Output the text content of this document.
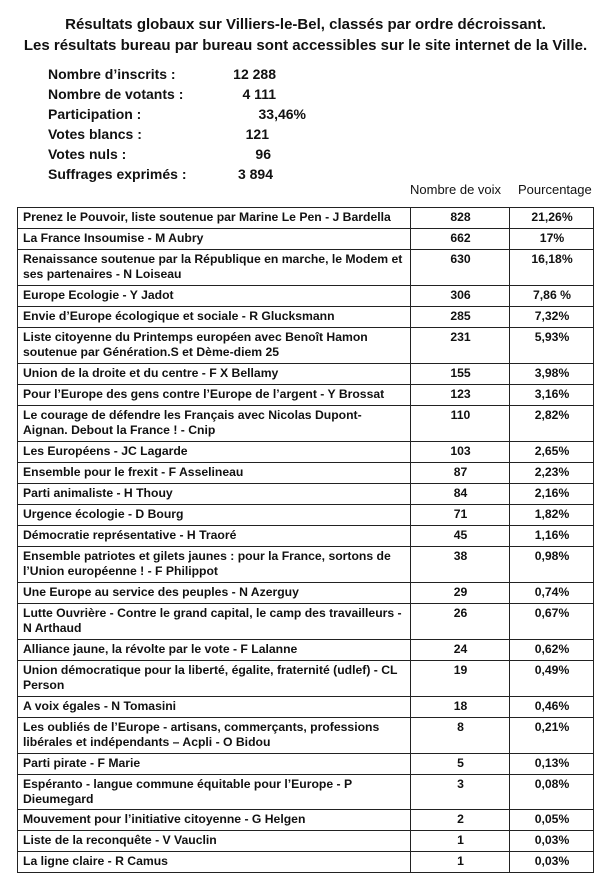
Résultats globaux sur Villiers-le-Bel, classés par ordre décroissant.
Les résultats bureau par bureau sont accessibles sur le site internet de la Ville.
Nombre d’inscrits :	12 288
Nombre de votants :	4 111
Participation :	33,46%
Votes blancs :	121
Votes nuls :	96
Suffrages exprimés :	3 894
Nombre de voix Pourcentage
Prenez le Pouvoir, liste soutenue par Marine Le Pen - J Bardella	828	21,26%
La France Insoumise - M Aubry	662	17%
Renaissance soutenue par la République en marche, le Modem et ses partenaires - N Loiseau	630	16,18%
Europe Ecologie - Y Jadot	306	7,86 %
Envie d’Europe écologique et sociale - R Glucksmann	285	7,32%
Liste citoyenne du Printemps européen avec Benoît Hamon soutenue par Génération.S et Dème-diem 25	231	5,93%
Union de la droite et du centre - F X Bellamy	155	3,98%
Pour l’Europe des gens contre l’Europe de l’argent - Y Brossat	123	3,16%
Le courage de défendre les Français avec Nicolas Dupont-Aignan. Debout la France ! - Cnip	110	2,82%
Les Européens - JC Lagarde	103	2,65%
Ensemble pour le frexit - F Asselineau	87	2,23%
Parti animaliste - H Thouy	84	2,16%
Urgence écologie - D Bourg	71	1,82%
Démocratie représentative - H Traoré	45	1,16%
Ensemble patriotes et gilets jaunes : pour la France, sortons de l’Union européenne ! - F Philippot	38	0,98%
Une Europe au service des peuples - N Azerguy	29	0,74%
Lutte Ouvrière - Contre le grand capital, le camp des travailleurs - N Arthaud	26	0,67%
Alliance jaune, la révolte par le vote - F Lalanne	24	0,62%
Union démocratique pour la liberté, égalite, fraternité (udlef) - CL Person	19	0,49%
A voix égales - N Tomasini	18	0,46%
Les oubliés de l’Europe - artisans, commerçants, professions libérales et indépendants – Acpli - O Bidou	8	0,21%
Parti pirate - F Marie	5	0,13%
Espéranto - langue commune équitable pour l’Europe - P Dieumegard	3	0,08%
Mouvement pour l’initiative citoyenne - G Helgen	2	0,05%
Liste de la reconquête - V Vauclin	1	0,03%
La ligne claire - R Camus	1	0,03%
